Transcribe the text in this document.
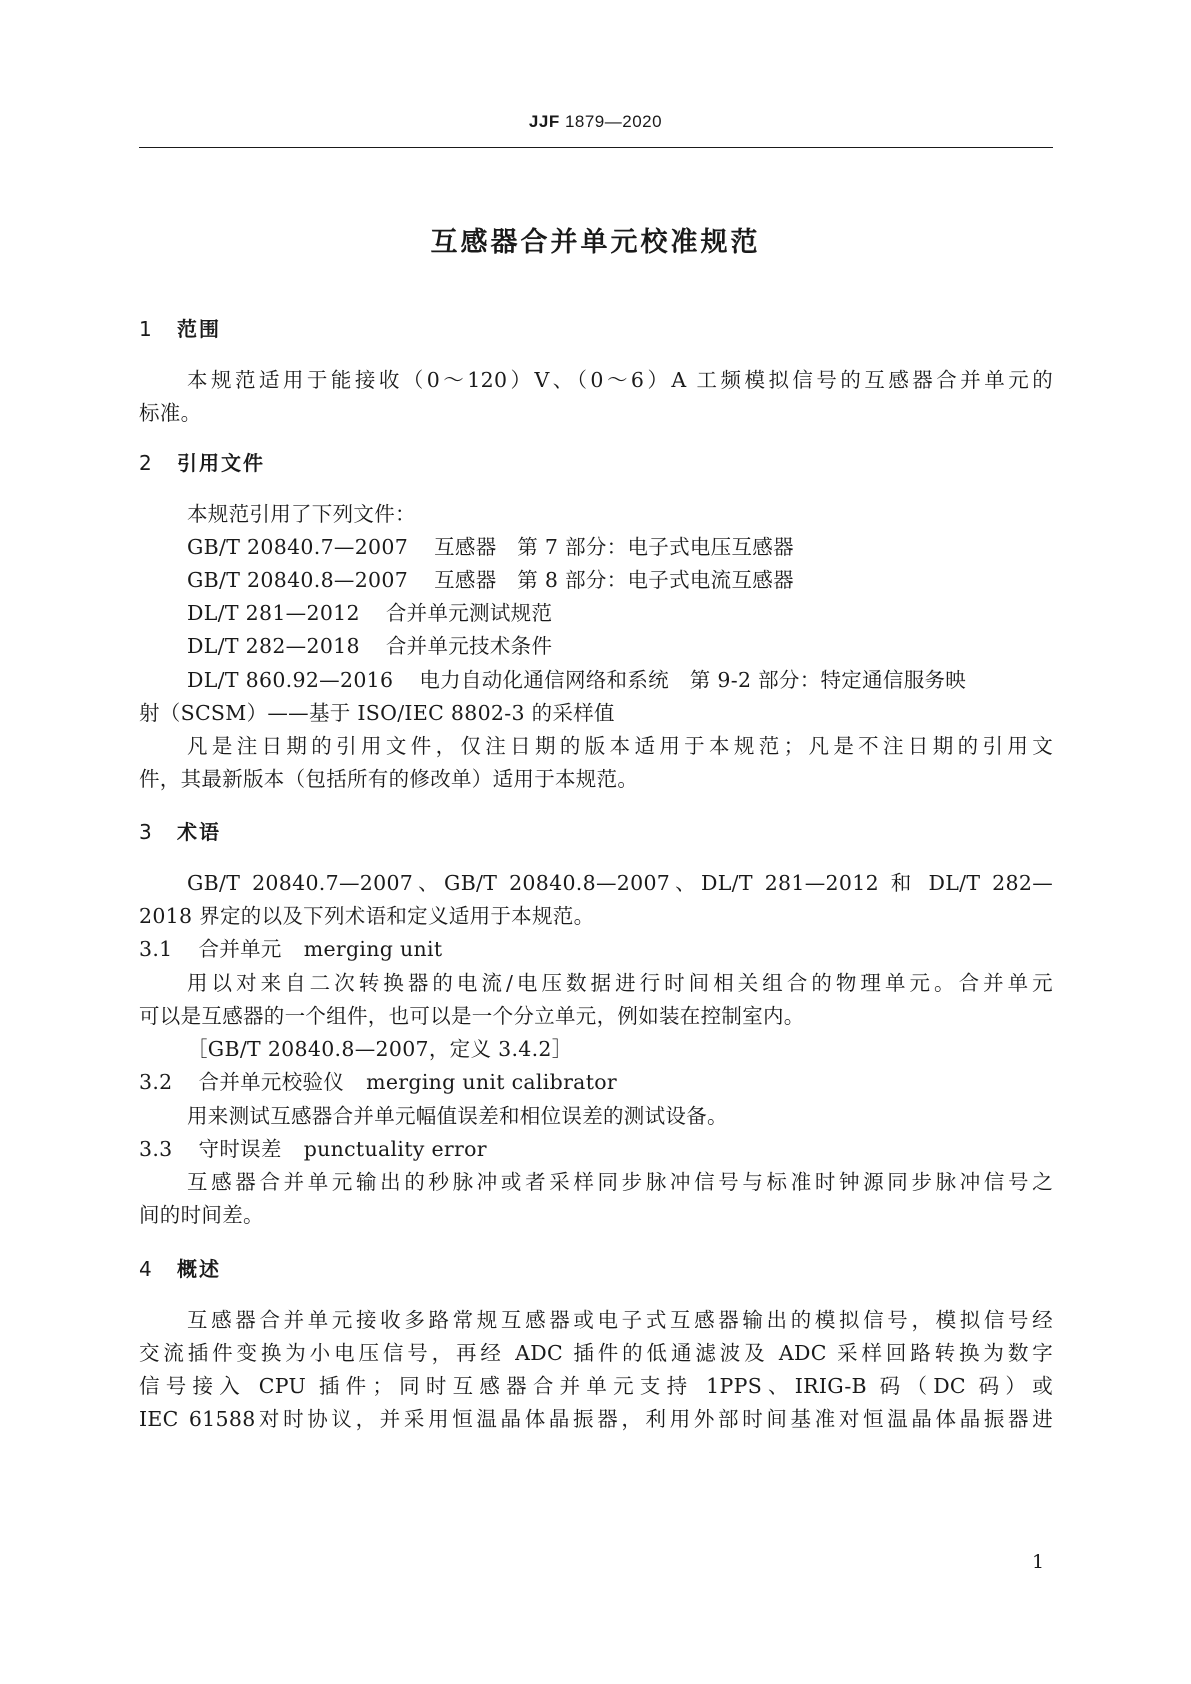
JJF 1879—2020
互感器合并单元校准规范
1 范围
本规范适用于能接收（0～120）V、（0～6）A 工频模拟信号的互感器合并单元的
标准。
2 引用文件
本规范引用了下列文件：
GB/T 20840.7—2007 互感器　第 7 部分：电子式电压互感器
GB/T 20840.8—2007 互感器　第 8 部分：电子式电流互感器
DL/T 281—2012 合并单元测试规范
DL/T 282—2018 合并单元技术条件
DL/T 860.92—2016 电力自动化通信网络和系统　第 9-2 部分：特定通信服务映
射（SCSM）——基于 ISO/IEC 8802-3 的采样值
凡是注日期的引用文件，仅注日期的版本适用于本规范；凡是不注日期的引用文
件，其最新版本（包括所有的修改单）适用于本规范。
3 术语
GB/T 20840.7—2007、GB/T 20840.8—2007、DL/T 281—2012 和 DL/T 282—
2018 界定的以及下列术语和定义适用于本规范。
3.1 合并单元 merging unit
用以对来自二次转换器的电流/电压数据进行时间相关组合的物理单元。合并单元
可以是互感器的一个组件，也可以是一个分立单元，例如装在控制室内。
［GB/T 20840.8—2007，定义 3.4.2］
3.2 合并单元校验仪 merging unit calibrator
用来测试互感器合并单元幅值误差和相位误差的测试设备。
3.3 守时误差 punctuality error
互感器合并单元输出的秒脉冲或者采样同步脉冲信号与标准时钟源同步脉冲信号之
间的时间差。
4 概述
互感器合并单元接收多路常规互感器或电子式互感器输出的模拟信号，模拟信号经
交流插件变换为小电压信号，再经 ADC 插件的低通滤波及 ADC 采样回路转换为数字
信号接入 CPU 插件；同时互感器合并单元支持 1PPS、IRIG-B 码（DC 码）或
IEC 61588对时协议，并采用恒温晶体晶振器，利用外部时间基准对恒温晶体晶振器进
1
